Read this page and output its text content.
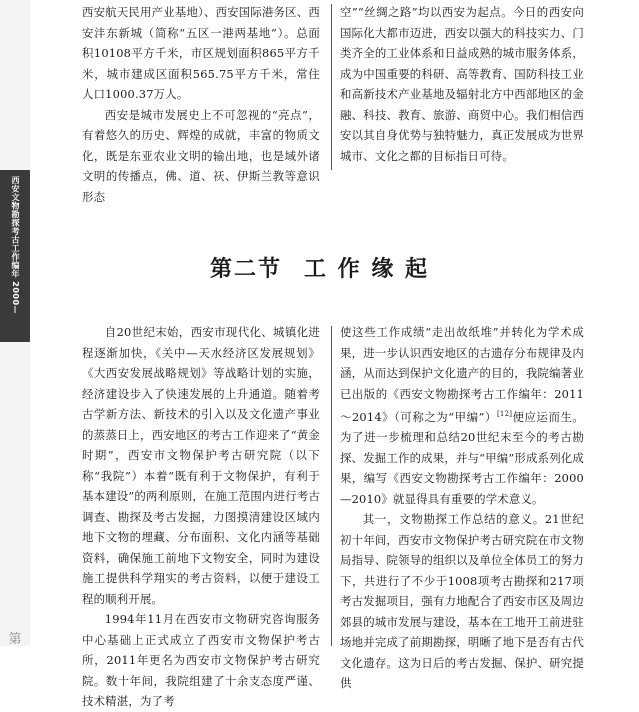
西安文物勘探考古工作编年 2000—
第

西安航天民用产业基地）、西安国际港务区、西安沣东新城（简称“五区一港两基地”）。总面积10108平方千米，市区规划面积865平方千米，城市建成区面积565.75平方千米，常住人口1000.37万人。

西安是城市发展史上不可忽视的“亮点”，有着悠久的历史、辉煌的成就，丰富的物质文化，既是东亚农业文明的输出地，也是域外诸文明的传播点，佛、道、祆、伊斯兰教等意识形态

空”“丝绸之路”均以西安为起点。今日的西安向国际化大都市迈进，西安以强大的科技实力、门类齐全的工业体系和日益成熟的城市服务体系，成为中国重要的科研、高等教育、国防科技工业和高新技术产业基地及辐射北方中西部地区的金融、科技、教育、旅游、商贸中心。我们相信西安以其自身优势与独特魅力，真正发展成为世界城市、文化之都的目标指日可待。

第二节 工 作 缘 起

自20世纪末始，西安市现代化、城镇化进程逐渐加快，《关中—天水经济区发展规划》《大西安发展战略规划》等战略计划的实施，经济建设步入了快速发展的上升通道。随着考古学新方法、新技术的引入以及文化遗产事业的蒸蒸日上，西安地区的考古工作迎来了“黄金时期”，西安市文物保护考古研究院（以下称“我院”）本着“既有利于文物保护，有利于基本建设”的两利原则，在施工范围内进行考古调查、勘探及考古发掘，力图摸清建设区域内地下文物的埋藏、分布面积、文化内涵等基础资料，确保施工前地下文物安全，同时为建设施工提供科学翔实的考古资料，以便于建设工程的顺利开展。

1994年11月在西安市文物研究咨询服务中心基础上正式成立了西安市文物保护考古所，2011年更名为西安市文物保护考古研究院。数十年间，我院组建了十余支态度严谨、技术精湛，为了考

使这些工作成绩“走出故纸堆”并转化为学术成果，进一步认识西安地区的古遗存分布规律及内涵，从而达到保护文化遗产的目的，我院编著业已出版的《西安文物勘探考古工作编年：2011～2014》（可称之为“甲编”）[12]便应运而生。为了进一步梳理和总结20世纪末至今的考古勘探、发掘工作的成果，并与“甲编”形成系列化成果，编写《西安文物勘探考古工作编年：2000—2010》就显得具有重要的学术意义。

其一，文物勘探工作总结的意义。21世纪初十年间，西安市文物保护考古研究院在市文物局指导、院领导的组织以及单位全体员工的努力下，共进行了不少于1008项考古勘探和217项考古发掘项目，强有力地配合了西安市区及周边郊县的城市发展与建设，基本在工地开工前进驻场地并完成了前期勘探，明晰了地下是否有古代文化遗存。这为日后的考古发掘、保护、研究提供
